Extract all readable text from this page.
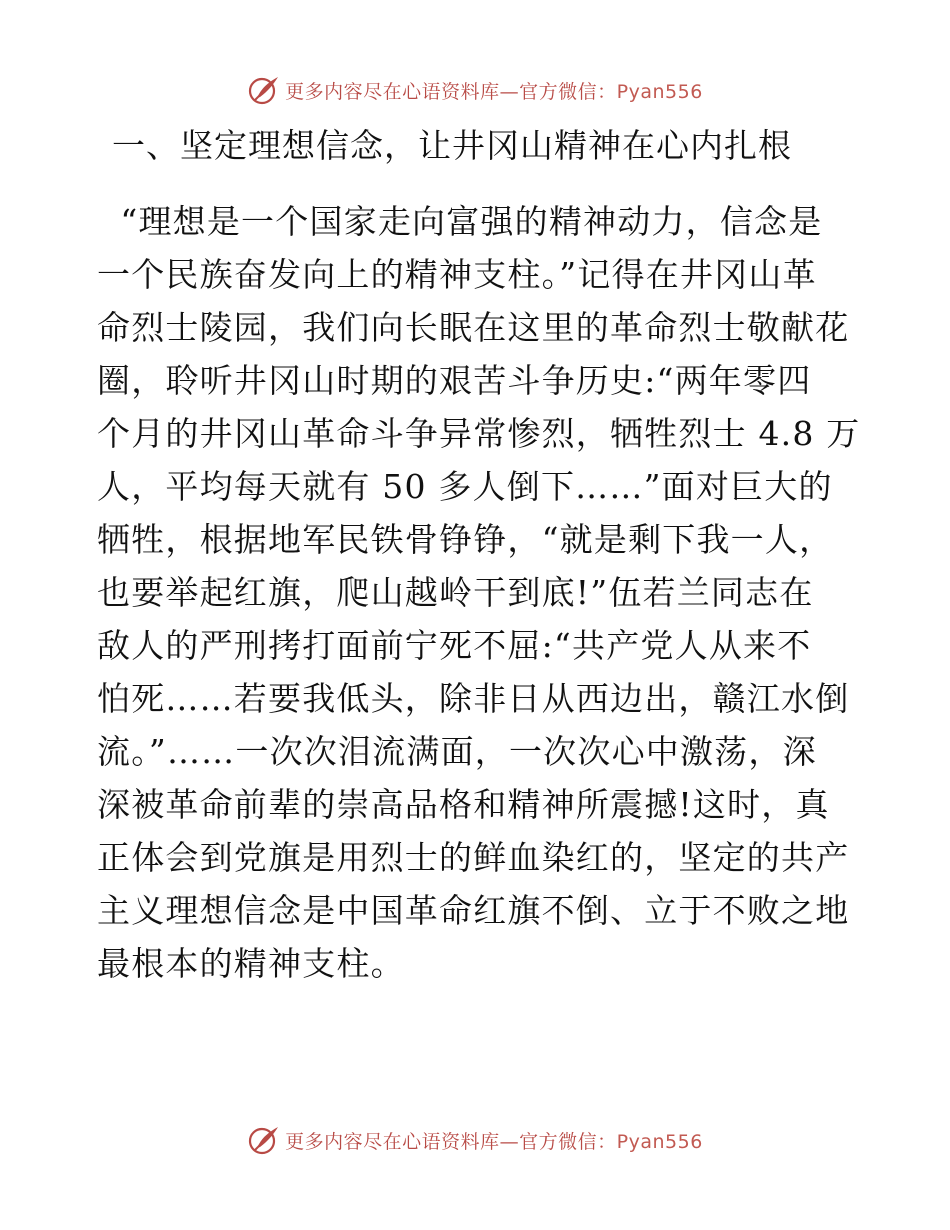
更多内容尽在心语资料库—官方微信：Pyan556
一、坚定理想信念，让井冈山精神在心内扎根
“理想是一个国家走向富强的精神动力，信念是
一个民族奋发向上的精神支柱。”记得在井冈山革
命烈士陵园，我们向长眠在这里的革命烈士敬献花
圈，聆听井冈山时期的艰苦斗争历史:“两年零四
个月的井冈山革命斗争异常惨烈，牺牲烈士 4.8 万
人，平均每天就有 50 多人倒下……”面对巨大的
牺牲，根据地军民铁骨铮铮，“就是剩下我一人，
也要举起红旗，爬山越岭干到底!”伍若兰同志在
敌人的严刑拷打面前宁死不屈:“共产党人从来不
怕死……若要我低头，除非日从西边出，赣江水倒
流。”……一次次泪流满面，一次次心中激荡，深
深被革命前辈的崇高品格和精神所震撼!这时，真
正体会到党旗是用烈士的鲜血染红的，坚定的共产
主义理想信念是中国革命红旗不倒、立于不败之地
最根本的精神支柱。
更多内容尽在心语资料库—官方微信：Pyan556
